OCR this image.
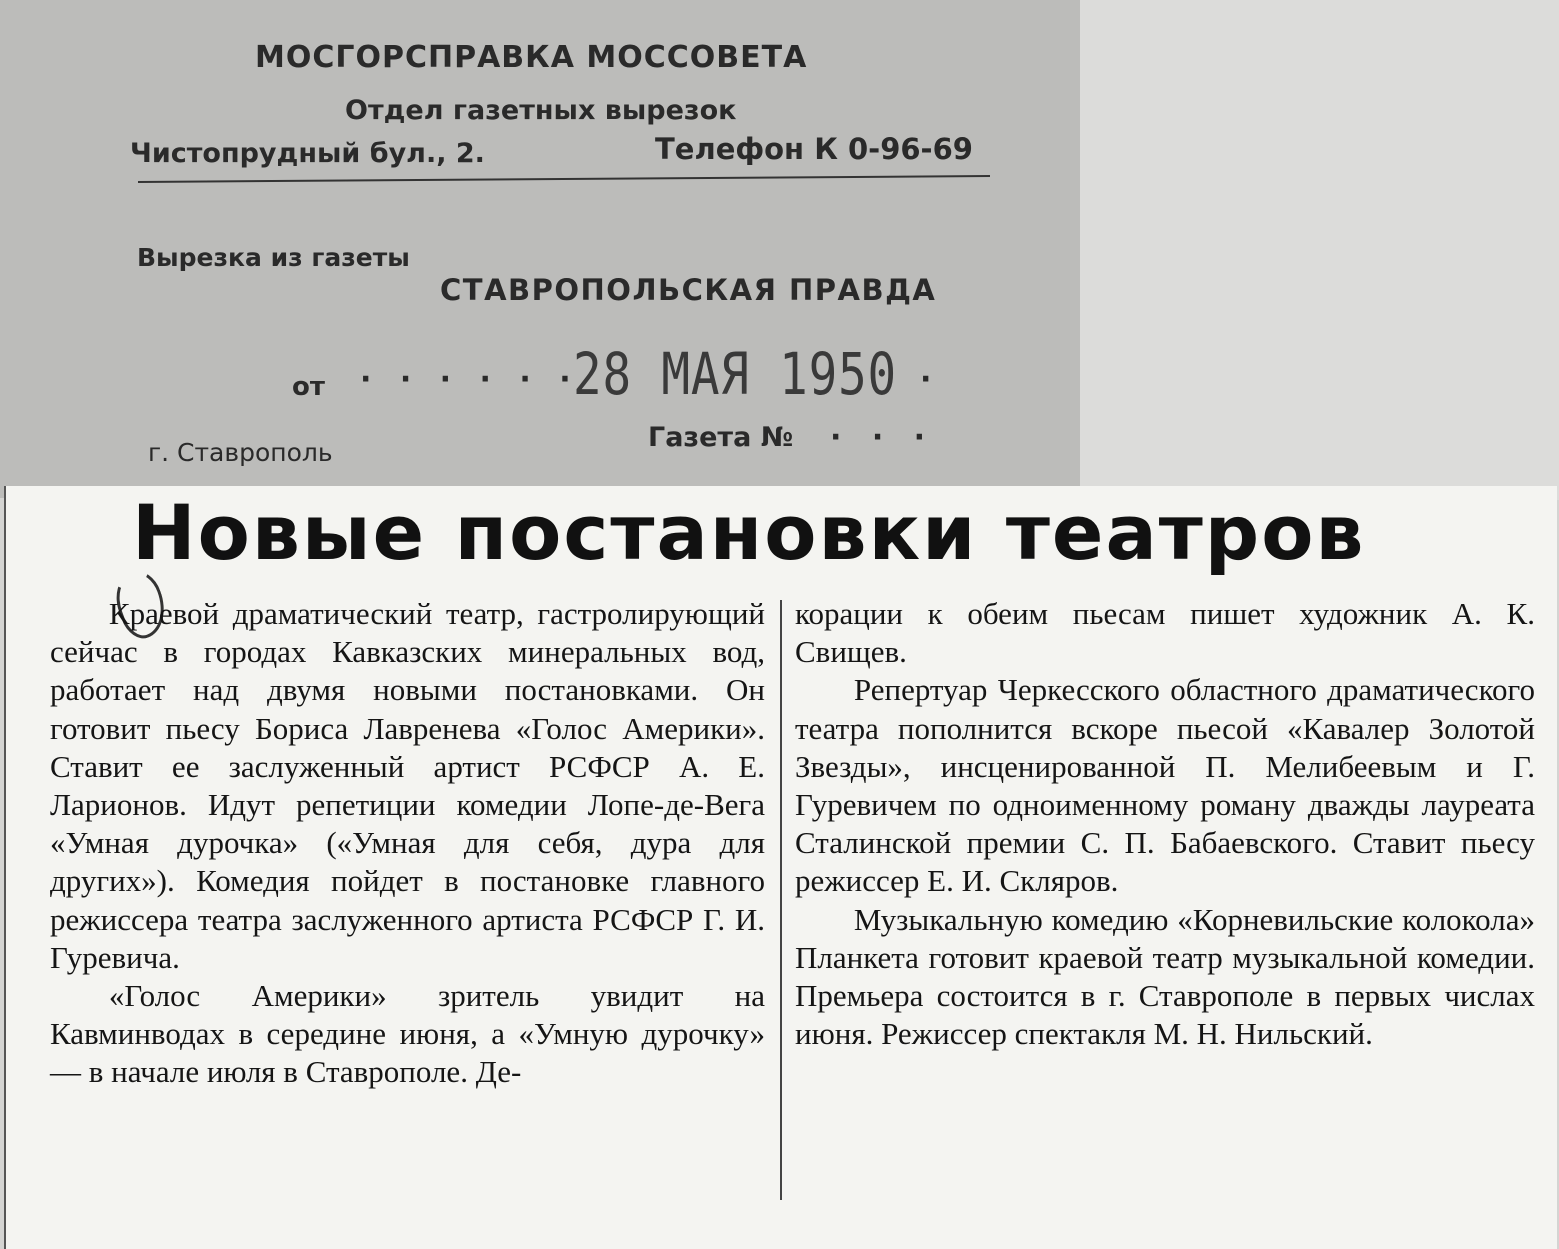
МОСГОРСПРАВКА МОССОВЕТА
Отдел газетных вырезок
Чистопрудный бул., 2.	Телефон К 0-96-69
Вырезка из газеты
СТАВРОПОЛЬСКАЯ ПРАВДА
от · · · · · ·
28 МАЯ 1950 ·
г. Ставрополь	Газета № · · ·
Новые постановки театров

Краевой драматический театр, гастролирующий сейчас в городах Кавказских минеральных вод, работает над двумя новыми постановками. Он готовит пьесу Бориса Лавренева «Голос Америки». Ставит ее заслуженный артист РСФСР А. Е. Ларионов. Идут репетиции комедии Лопе-де-Вега «Умная дурочка» («Умная для себя, дура для других»). Комедия пойдет в постановке главного режиссера театра заслуженного артиста РСФСР Г. И. Гуревича.

«Голос Америки» зритель увидит на Кавминводах в середине июня, а «Умную дурочку» — в начале июля в Ставрополе. Де-

корации к обеим пьесам пишет художник А. К. Свищев.

Репертуар Черкесского областного драматического театра пополнится вскоре пьесой «Кавалер Золотой Звезды», инсценированной П. Мелибеевым и Г. Гуревичем по одноименному роману дважды лауреата Сталинской премии С. П. Бабаевского. Ставит пьесу режиссер Е. И. Скляров.

Музыкальную комедию «Корневильские колокола» Планкета готовит краевой театр музыкальной комедии. Премьера состоится в г. Ставрополе в первых числах июня. Режиссер спектакля М. Н. Нильский.
